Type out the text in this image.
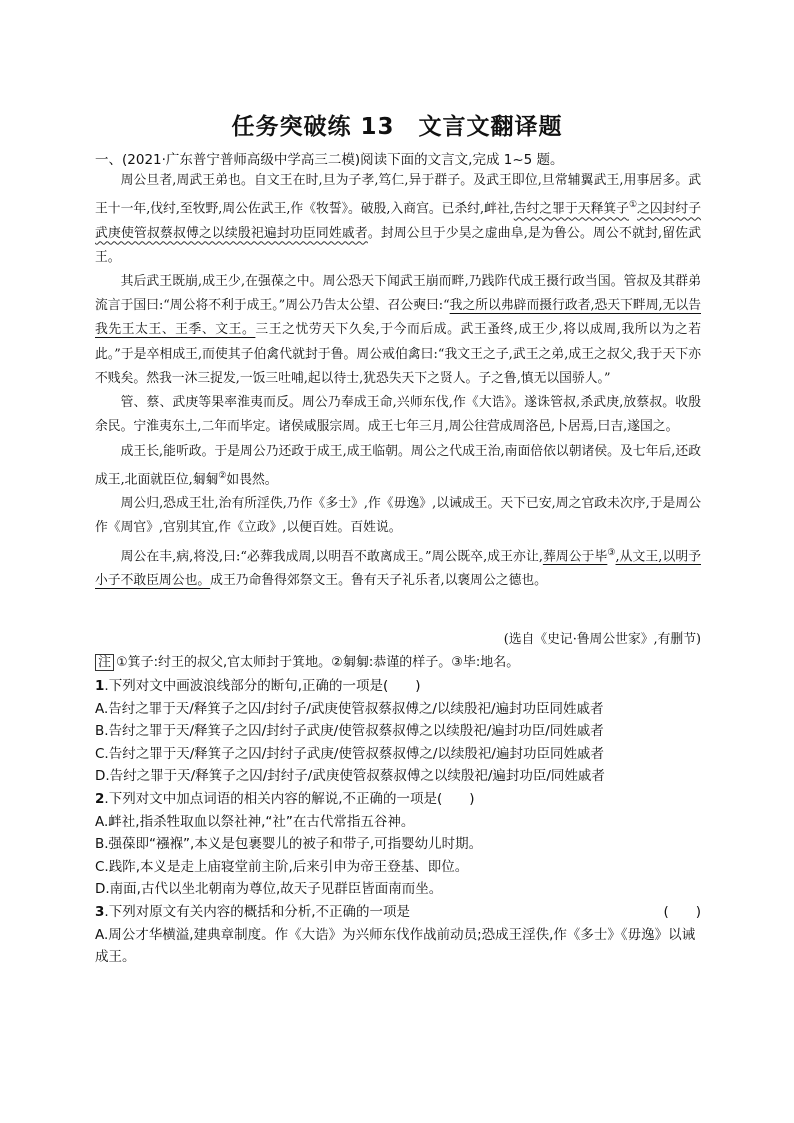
任务突破练 13　文言文翻译题
一、(2021·广东普宁普师高级中学高三二模)阅读下面的文言文,完成 1~5 题。

周公旦者,周武王弟也。自文王在时,旦为子孝,笃仁,异于群子。及武王即位,旦常辅翼武王,用事居多。武王十一年,伐纣,至牧野,周公佐武王,作《牧誓》。破殷,入商宫。已杀纣,衅社,告纣之罪于天释箕子①之囚封纣子武庚使管叔蔡叔傅之以续殷祀遍封功臣同姓戚者。封周公旦于少昊之虚曲阜,是为鲁公。周公不就封,留佐武王。

其后武王既崩,成王少,在强葆之中。周公恐天下闻武王崩而畔,乃践阼代成王摄行政当国。管叔及其群弟流言于国曰:“周公将不利于成王。”周公乃告太公望、召公奭曰:“我之所以弗辟而摄行政者,恐天下畔周,无以告我先王太王、王季、文王。三王之忧劳天下久矣,于今而后成。武王蚤终,成王少,将以成周,我所以为之若此。”于是卒相成王,而使其子伯禽代就封于鲁。周公戒伯禽曰:“我文王之子,武王之弟,成王之叔父,我于天下亦不贱矣。然我一沐三捉发,一饭三吐哺,起以待士,犹恐失天下之贤人。子之鲁,慎无以国骄人。”

管、蔡、武庚等果率淮夷而反。周公乃奉成王命,兴师东伐,作《大诰》。遂诛管叔,杀武庚,放蔡叔。收殷余民。宁淮夷东土,二年而毕定。诸侯咸服宗周。成王七年三月,周公往营成周洛邑,卜居焉,曰吉,遂国之。

成王长,能听政。于是周公乃还政于成王,成王临朝。周公之代成王治,南面倍依以朝诸侯。及七年后,还政成王,北面就臣位,匔匔②如畏然。

周公归,恐成王壮,治有所淫佚,乃作《多士》,作《毋逸》,以诫成王。天下已安,周之官政未次序,于是周公作《周官》,官别其宜,作《立政》,以便百姓。百姓说。

周公在丰,病,将没,曰:“必葬我成周,以明吾不敢离成王。”周公既卒,成王亦让,葬周公于毕③,从文王,以明予小子不敢臣周公也。成王乃命鲁得郊祭文王。鲁有天子礼乐者,以褒周公之德也。

(选自《史记·鲁周公世家》,有删节)
注 ①箕子:纣王的叔父,官太师封于箕地。②匔匔:恭谨的样子。③毕:地名。

1.下列对文中画波浪线部分的断句,正确的一项是(　　)

A.告纣之罪于天/释箕子之囚/封纣子/武庚使管叔蔡叔傅之/以续殷祀/遍封功臣同姓戚者

B.告纣之罪于天/释箕子之囚/封纣子武庚/使管叔蔡叔傅之以续殷祀/遍封功臣/同姓戚者

C.告纣之罪于天/释箕子之囚/封纣子武庚/使管叔蔡叔傅之/以续殷祀/遍封功臣同姓戚者

D.告纣之罪于天/释箕子之囚/封纣子/武庚使管叔蔡叔傅之以续殷祀/遍封功臣/同姓戚者

2.下列对文中加点词语的相关内容的解说,不正确的一项是(　　)

A.衅社,指杀牲取血以祭社神,“社”在古代常指五谷神。

B.强葆即“襁褓”,本义是包裹婴儿的被子和带子,可指婴幼儿时期。

C.践阼,本义是走上庙寝堂前主阶,后来引申为帝王登基、即位。

D.南面,古代以坐北朝南为尊位,故天子见群臣皆面南而坐。

3.下列对原文有关内容的概括和分析,不正确的一项是	(　　)

A.周公才华横溢,建典章制度。作《大诰》为兴师东伐作战前动员;恐成王淫佚,作《多士》《毋逸》以诫成王。
